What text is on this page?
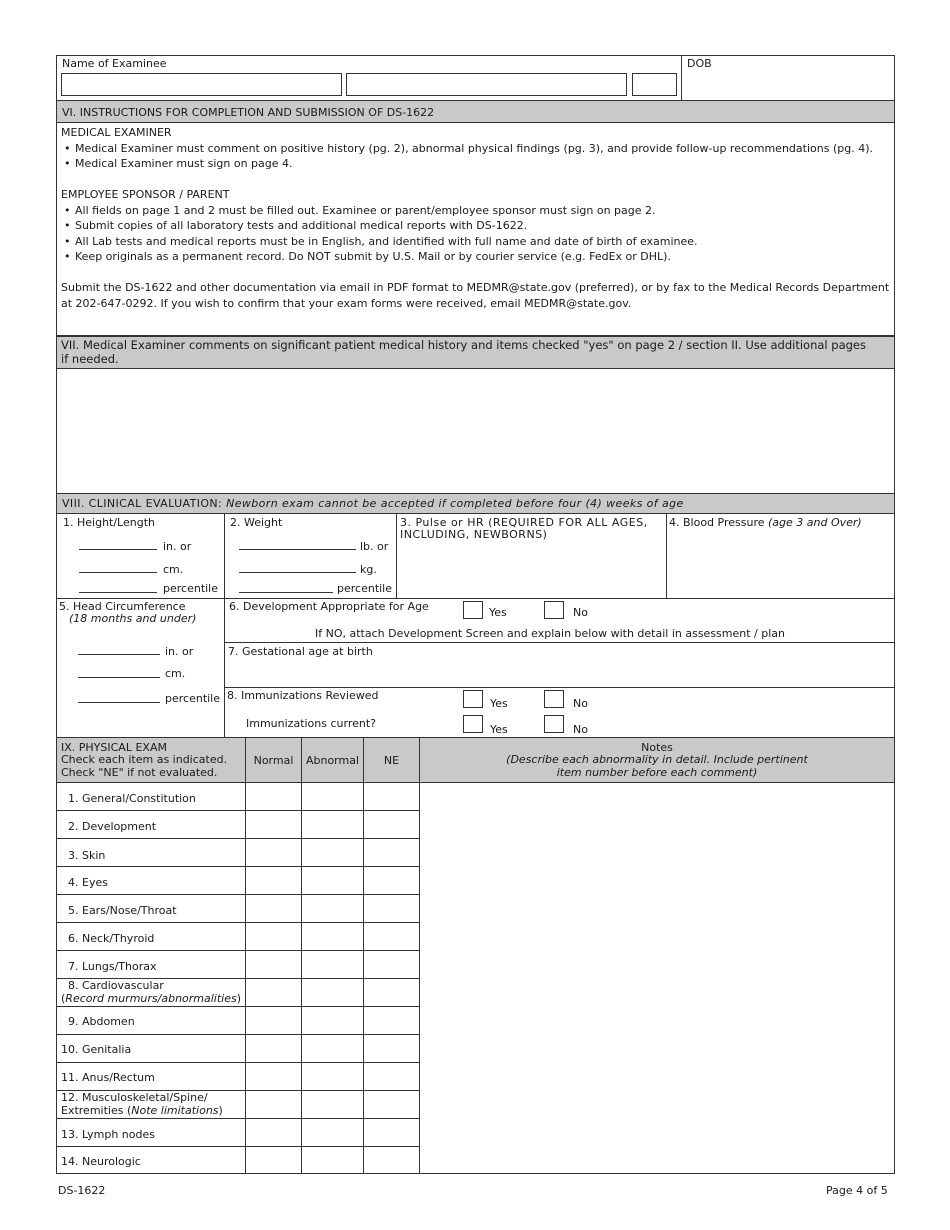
Name of Examinee	DOB
VI. INSTRUCTIONS FOR COMPLETION AND SUBMISSION OF DS-1622
MEDICAL EXAMINER
• Medical Examiner must comment on positive history (pg. 2), abnormal physical findings (pg. 3), and provide follow-up recommendations (pg. 4).
• Medical Examiner must sign on page 4.
EMPLOYEE SPONSOR / PARENT
• All fields on page 1 and 2 must be filled out. Examinee or parent/employee sponsor must sign on page 2.
• Submit copies of all laboratory tests and additional medical reports with DS-1622.
• All Lab tests and medical reports must be in English, and identified with full name and date of birth of examinee.
• Keep originals as a permanent record. Do NOT submit by U.S. Mail or by courier service (e.g. FedEx or DHL).
Submit the DS-1622 and other documentation via email in PDF format to MEDMR@state.gov (preferred), or by fax to the Medical Records Department
at 202-647-0292. If you wish to confirm that your exam forms were received, email MEDMR@state.gov.
VII. Medical Examiner comments on significant patient medical history and items checked "yes" on page 2 / section II. Use additional pages
if needed.
VIII. CLINICAL EVALUATION: Newborn exam cannot be accepted if completed before four (4) weeks of age
1. Height/Length
in. or
cm.
percentile
2. Weight
lb. or
kg.
percentile
3. Pulse or HR (REQUIRED FOR ALL AGES,
INCLUDING, NEWBORNS)
4. Blood Pressure (age 3 and Over)
5. Head Circumference
(18 months and under)
in. or
cm.
percentile
6. Development Appropriate for Age	Yes	No
If NO, attach Development Screen and explain below with detail in assessment / plan
7. Gestational age at birth
8. Immunizations Reviewed
Yes	No
Immunizations current?	Yes	No
IX. PHYSICAL EXAM
Check each item as indicated.
Check "NE" if not evaluated.
Normal	Abnormal	NE
Notes
(Describe each abnormality in detail. Include pertinent
item number before each comment)
1. General/Constitution
2. Development
3. Skin
4. Eyes
5. Ears/Nose/Throat
6. Neck/Thyroid
7. Lungs/Thorax
8. Cardiovascular
(Record murmurs/abnormalities)
9. Abdomen
10. Genitalia
11. Anus/Rectum
12. Musculoskeletal/Spine/
Extremities (Note limitations)
13. Lymph nodes
14. Neurologic
DS-1622	Page 4 of 5
